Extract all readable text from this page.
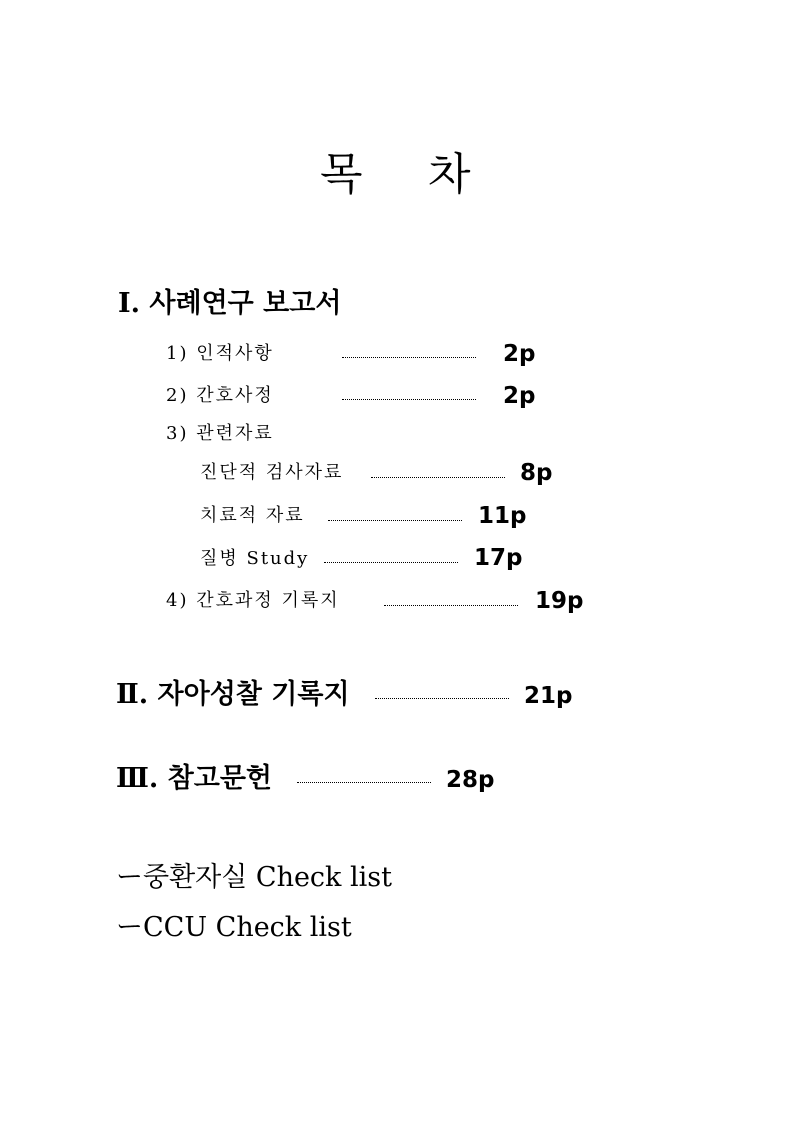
목 차
Ⅰ. 사례연구 보고서
1) 인적사항	2p
2) 간호사정	2p
3) 관련자료
진단적 검사자료	8p
치료적 자료	11p
질병 Study	17p
4) 간호과정 기록지	19p
Ⅱ. 자아성찰 기록지	21p
Ⅲ. 참고문헌	28p
ー중환자실 Check list
ーCCU Check list
